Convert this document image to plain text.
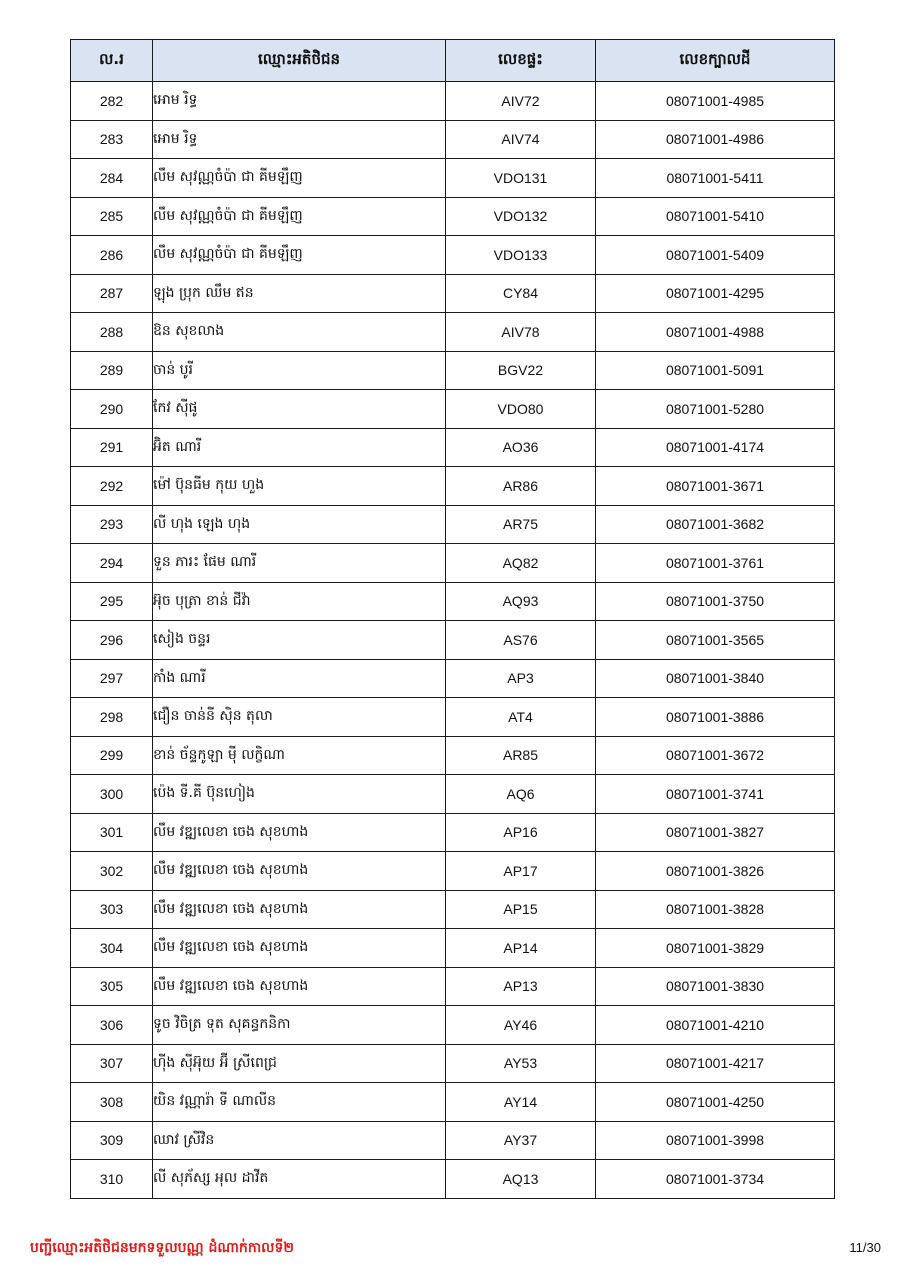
ល.រ	ឈ្មោះអតិថិជន	លេខផ្ទះ	លេខក្បាលដី
282	អោម រិទ្ធ	AIV72	08071001-4985
283	អោម រិទ្ធ	AIV74	08071001-4986
284	លឹម សុវណ្ណចំប៉ា ជា គីមឡឹញ	VDO131	08071001-5411
285	លឹម សុវណ្ណចំប៉ា ជា គីមឡឹញ	VDO132	08071001-5410
286	លឹម សុវណ្ណចំប៉ា ជា គីមឡឹញ	VDO133	08071001-5409
287	ឡុង ប្រុក ឈឹម ឥន	CY84	08071001-4295
288	ឱន សុខលាង	AIV78	08071001-4988
289	ចាន់ បូរី	BGV22	08071001-5091
290	កែវ ស៊ីផូ	VDO80	08071001-5280
291	អ៊ិត ណារី	AO36	08071001-4174
292	ម៉ៅ ប៊ុនធីម កុយ ហួង	AR86	08071001-3671
293	លី ហុង ឡេង ហុង	AR75	08071001-3682
294	ទួន ភារះ ផែម ណារី	AQ82	08071001-3761
295	អ៊ុច បុត្រា ខាន់ ជីវ៉ា	AQ93	08071001-3750
296	សៀង ចន្ទរ	AS76	08071001-3565
297	កាំង ណារី	AP3	08071001-3840
298	ជឿន ចាន់នី ស៊ិន តុលា	AT4	08071001-3886
299	ខាន់ ច័ន្ទកូឡា ម៉ី លក្ខិណា	AR85	08071001-3672
300	ប៉េង ទី.គី ប៊ុនហៀង	AQ6	08071001-3741
301	លឹម វឌ្ឍលេខា ចេង សុខហាង	AP16	08071001-3827
302	លឹម វឌ្ឍលេខា ចេង សុខហាង	AP17	08071001-3826
303	លឹម វឌ្ឍលេខា ចេង សុខហាង	AP15	08071001-3828
304	លឹម វឌ្ឍលេខា ចេង សុខហាង	AP14	08071001-3829
305	លឹម វឌ្ឍលេខា ចេង សុខហាង	AP13	08071001-3830
306	ទូច វិចិត្រ ទុត សុគន្ធកនិកា	AY46	08071001-4210
307	ហ៊ីង ស៊ីអ៊ុយ អ៊ី ស្រីពេជ្រ	AY53	08071001-4217
308	យិន វណ្ណារ៉ា ទី ណាលីន	AY14	08071001-4250
309	ឈាវ ស្រីវិន	AY37	08071001-3998
310	លី សុភ័ស្ស អុល ដាវីត	AQ13	08071001-3734
បញ្ជីឈ្មោះអតិថិជនមកទទួលបណ្ណ ដំណាក់កាលទី២	11/30
